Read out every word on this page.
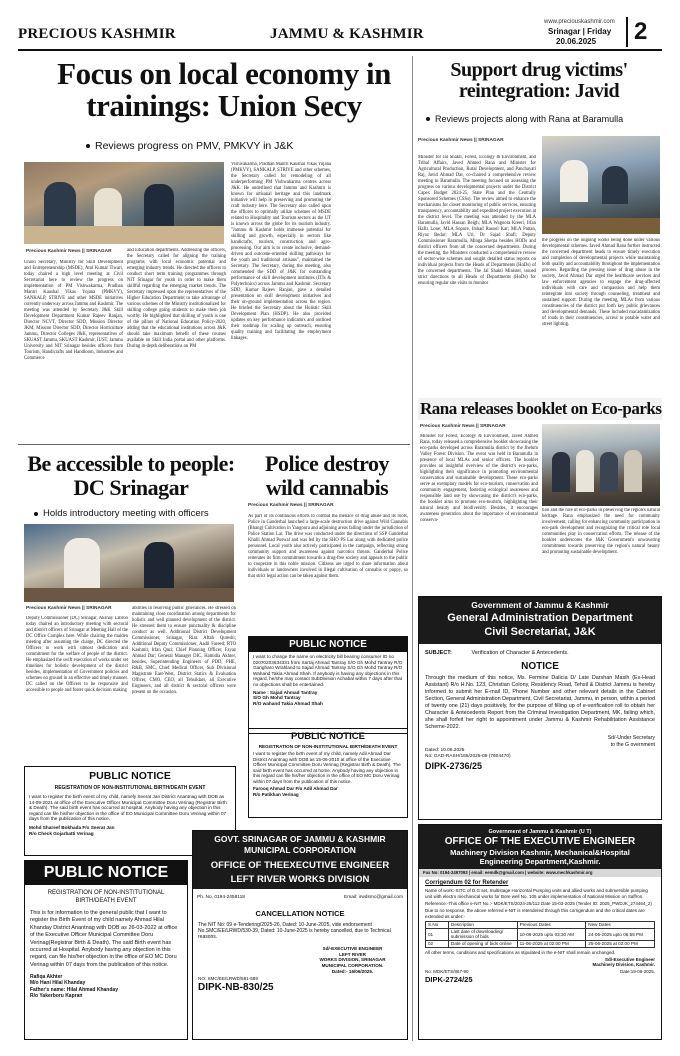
PRECIOUS KASHMIR	JAMMU & KASHMIR
www.preciouskashmir.com
Srinagar | Friday
20.06.2025 2
Focus on local economy in trainings: Union Secy
Reviews progress on PMV, PMKVY in J&K
Precious Kashmir News || SRINAGAR
Union Secretary, Ministry for Skill Development and Entrepreneurship (MSDE), Atul Kumar Tiwari, today chaired a high level meeting at Civil Secretariat here to review the progress on implementation of PM Vishwakarma, Pradhan Mantri Kaushal Vikas Yojana (PMKVY), SANKALP, STRIVE and other MSDE initiatives currently underway across Jammu and Kashmir. The meeting was attended by Secretary J&K Skill Development Department Kumar Rajeev Ranjan, Director NCVT, Director SDD, Mission Director JKM, Mission Director SDD, Director Horticulture Jammu, Director Colleges J&K, representatives of SKUAST Jammu, SKUAST Kashmir, IUST, Jammu University and NIT Srinagar besides officers from Tourism, Handicrafts and Handloom, Industries and Commerce
and Education departments. Addressing the officers, the Secretary called for aligning the training programs with local economic potential and emerging industry trends. He directed the officers to conduct short term training programmes through NIT Srinagar for youth in order to make them skillful regarding the emerging market trends. The Secretary impressed upon the representatives of the Higher Education Department to take advantage of various schemes of the Ministry institutionalized for skilling college going students to make them job worthy. He highlighted that skilling of youth is one of the pillars of National Education Policy-2020, adding that the educational institutions across J&K should take maximum benefit of these courses available on Skill India portal and other platforms. During in-depth deliberations on PM
Vishwakarma, Pradhan Mantri Kaushal Vikas Yojana (PMKVY), SANKALP, STRIVE and other schemes, the Secretary called for remodeling of all underperforming PM Vishwakarma centres across J&K. He underlined that Jammu and Kashmir is known for artisanal heritage and this landmark initiative will help in preserving and promoting the craft industry here. The Secretary also called upon the officers to optimally utilize schemes of MSDE related to Hospitality and Tourism sectors as the UT is known across the globe for its tourism industry. "Jammu & Kashmir holds immense potential for skilling and growth, especially in sectors like handicrafts, tourism, construction and agro-processing. Our aim is to create inclusive, demand-driven and outcome-oriented skilling pathways for the youth and traditional artisans", maintained the Secretary. The Secretary, during the meeting, also commended the SDD of J&K for outstanding performance of skill development institutes (ITIs & Polytechnics) across Jammu and Kashmir. Secretary SDD, Kumar Rajeev Ranjan, gave a detailed presentation on skill development initiatives and their on-ground implementation across the region. He briefed the Secretary about the Holistic Skill Development Plan (HSDP). He also provided updates on key performance indicators and outlined their roadmap for scaling up outreach, ensuring quality training and facilitating the employment linkages.
Support drug victims' reintegration: Javid
Reviews projects along with Rana at Baramulla
Precious Kashmir News || SRINAGAR
Minister for Jal Shakti, Forest, Ecology & Environment, and Tribal Affairs, Javed Ahmed Rana and Minister for Agricultural Production, Rural Development, and Panchayati Raj, Javid Ahmad Dar, co-chaired a comprehensive review meeting in Baramulla. The meeting focused on assessing the progress on various developmental projects under the District Capex Budget 2024-25, State Plan and the Centrally Sponsored Schemes (CSSs). The review aimed to enhance the mechanisms for closer monitoring of public services, ensuring transparency, accountability and expedited project execution at the district level. The meeting was attended by the MLA Baramulla, Javid Hassan Beigh; MLA Wagoora Kreeri, Irfan Hafiz Lone; MLA Sopore, Irshad Rasool Kar; MLA Pattan, Riyaz Bedar; MLA Uri, Dr Sajad Shafi; Deputy Commissioner Baramulla, Minga Sherpa besides HODs and district officers from all the concerned departments. During the meeting, the Ministers conducted a comprehensive review of sector-wise schemes and sought detailed status reports on individual projects from the Heads of Departments (HoDs) of the concerned departments. The Jal Shakti Minister, issued strict directions to all Heads of Departments (HoDs) for ensuring regular site visits to monitor
the progress on the ongoing works being done under various developmental schemes. Javed Ahmad Rana further instructed the concerned department heads to ensure timely execution and completion of developmental projects while maintaining both quality and accountability throughout the implementation process. Regarding the pressing issue of drug abuse in the society, Javid Ahmad Dar urged the healthcare services and law enforcement agencies to engage the drug-affected individuals with care and compassion and help them reintegrate into society through counseling, treatment and sustained support. During the meeting, MLAs from various constituencies of the district put forth key public grievances and developmental demands. These included macadamization of roads in their constituencies, access to potable water and street lighting.
Rana releases booklet on Eco-parks
Precious Kashmir News || SRINAGAR
Minister for Forest, Ecology & Environment, Javed Ahmed Rana, today released a comprehensive booklet showcasing the eco-parks developed across Baramulla district by the Jhelum Valley Forest Division. The event was held in Baramulla in presence of local MLAs and senior officers. The booklet provides an insightful overview of the district's eco-parks, highlighting their significance in promoting environmental conservation and sustainable development. These eco-parks serve as exemplary models for eco-tourism, conservation and community engagement, fostering ecological awareness and responsible land use by showcasing the district's eco-parks, the booklet aims to promote eco-tourism, highlighting their natural beauty and biodiversity. Besides, it encourages awareness generation about the importance of environmental conserva-
tion and the role of eco-parks in preserving the region's natural heritage. Rana emphasized the need for community involvement, calling for enhancing community participation in eco-park development and recognizing the critical role local communities play in conservation efforts. The release of the booklet underscores the J&K Government's unwavering commitment towards preserving the region's natural beauty and promoting sustainable development.
Be accessible to people: DC Srinagar
Holds introductory meeting with officers
Precious Kashmir News || SRINAGAR
Deputy Commissioner (DC) Srinagar, Akshay Labroo today chaired an introductory meeting with sectoral and district officers of Srinagar at Meeting Hall of the DC Office Complex here. While chairing the maiden meeting after assuming the charge, DC directed the Officers to work with utmost dedication and commitment for the welfare of people of the district. He emphasized the swift execution of works under set timelines for holistic development of the district besides, implementation of Government policies and schemes on ground in an effective and timely manner. DC called on the Officers to be responsive and accessible to people and foster quick decision making
abilities in resolving public grievances. He stressed on maintaining close coordination among departments for holistic and well planned development of the district. He stressed them to ensure punctuality & discipline conduct as well. Additional District Development Commissioner, Srinagar, Riaz Aftab Qureshi; Additional Deputy Commissioner, Aadil Fareed; RTO Kashmir, Irfan Qazi; Chief Planning Officer, Fayaz Ahmad Dar; General Manager DIC, Hamidia Akhter, besides, Superintending Engineers of PDD, PHE, R&B, SMC, Chief Medical Officer, Sub Divisional Magistrate East-West, District Statics & Evaluation Officer, CMO, CEO, all Tehsildars, all Executive Engineers, and all district & sectoral officers were present on the occasion.
Police destroy wild cannabis
Precious Kashmir News || SRINAGAR
As part of its continuous efforts to combat the menace of drug abuse and its roots, Police in Ganderbal launched a large-scale destruction drive against Wild Cannabis (Bhang) Cultivation in Yangoora and adjoining areas falling under the jurisdiction of Police Station Lar. The drive was conducted under the directions of SSP Ganderbal Khalil Ahmad Poswal and was led by the SHO PS Lar along with dedicated police personnel. Local youth also actively participated in the campaign, reflecting strong community support and awareness against narcotics threats. Ganderbal Police reiterates its firm commitment towards a drug-free society and appeals to the public to cooperate in this noble mission. Citizens are urged to share information about individuals or landowners involved in illegal cultivation of cannabis or poppy, so that strict legal action can be taken against them.
PUBLIC NOTICE
I want to change the name on electricity bill bearing consumer ID no 02070203634331 from Sartaj Ahmad Tantray S/O Gh Mohd Tantray R/O Gangharo Wrahland to Sajad Ahmad Tantray S/O Gh Mohd Tantray R/O Wahand Takia Ahmad Shah. If anybody is having any objections in this regard, he/she may contact SubDivision Achabal within 7 days after that no objections shall be entertained.
Name : Sajad Ahmad Tantray
S/O Gh Mohd Tantray
R/O wahand Takia Ahmad Shah
PUBLIC NOTICE
REGISTRATION OF NON-INSTITUTIONAL BIRTH/DEATH EVENT
I want to register the birth event of my child, namely Adil Ahmad Dar District Anantnag with DOB as 15-06-2010 at office of the Executive Officer Municipal Committee Doru Verinag (Registrar Birth & Death). The said birth event has occurred at home. Anybody having any objection in this regard can file his/her objection in the office of EO MC Doru Verinag within 07 days from the publication of this notice.
Farooq Ahmad Dar F/o Adil Ahmad Dar
R/o Patikhan Verinag
PUBLIC NOTICE
REGISTRATION OF NON-INSTITUTIONAL BIRTH/DEATH EVENT
I want to register the birth event of my child, namely Seerat Jan District Anantnag with DOB as 14-09-2021 at office of the Executive Officer Municipal Committee Doru Verinag (Registrar Birth & Death). The said birth event has occurred at hospital. Anybody having any objection in this regard can file his/her objection in the office of EO Municipal Committee Doru Verinag within 07 days from the publication of this notice.
Mohd Shareef Bokhada F/o Seerat Jan
R/o Check Gojarbatti Verinag
PUBLIC NOTICE
REGISTRATION OF NON-INSTITUTIONAL BIRTH/DEATH EVENT
This is for information to the general public that I want to register the Birth Event of my child namely Ahmad Hilal Khanday District Anantnag with DOB as 26-03-2022 at office of the Executive Officer Municipal Committee Doru Verinag(Registrar Birth & Death). The said Birth event has occurred at Hospital. Anybody having any objection in this regard, can file his/her objection in the office of EO MC Doru Verinag within 07 days from the publication of this notice.
Rafiqa Akhter
M/o Hani Hilal Khanday
Father's name: Hilal Ahmad Khanday
R/o Yakerboru Kapran
GOVT. SRINAGAR OF JAMMU & KASHMIR
MUNICIPAL CORPORATION
OFFICE OF THEEXECUTIVE ENGINEER
LEFT RIVER WORKS DIVISION
Ph. No. 0194-2458118	Email: irwdsmc@gmail.com
CANCELLATION NOTICE
The NIT No: 09 e-Tendering/2025-26, Dated: 10-June-2025, vide endorsement No.SMC/EE/LRWD/530-39, Dated: 10-June-2025 is hereby cancelled, due to Technical reasons.
Sd/-EXECUTIVE ENGINEER
LEFT RIVER
WORKS DIVISION, SRINAGAR
MUNICIPAL CORPORATION.
Dated:- 16/06/2025.
NO: SMC/EE/LRWD/581-589
DIPK-NB-830/25
Government of Jammu & Kashmir
General Administration Department
Civil Secretariat, J&K
SUBJECT:	Verification of Character & Antecedents.
NOTICE
Through the medium of this notice, Ms. Fermine Dalicia D/ Late Darshan Masih (Ex-Head Assistant) R/o H.No. 123, Christian Colony, Residency Road, Tehsil & District Jammu is hereby informed to submit her E-mail ID, Phone Number and other relevant details in the Cabinet Section, General Administration Department, Civil Secretariat, Jammu, in person, within a period of twenty one (21) days positively, for the purpose of filling up of e-verification roll to obtain her Character & Antecedents Report from the Criminal Investigation Department, MK, failing which, she shall forfeit her right to appointment under Jammu & Kashmir Rehabilitation Assistance Scheme-2022.
Sd/-Under Secretary
to the G overnment
Dated: 10.06.2025
No: GAD-RASH/165/2025-09 (7604470)
DIPK-2736/25
Government of Jammu & Kashmir (U T)
OFFICE OF THE EXECUTIVE ENGINEER
Machinery Division Kashmir, Mechanical&Hospital
Engineering Department,Kashmir.
Fax No: 0194-2497093 | email: eemdk@gmail.com | website: www.mechkashmir.org
Corrigendum 02 for Retender
Name of work:-SITC of D.G set, multistage Horizontal Pumping units and allied works and submersible pumping unit with electro mechanical works for Bore well No. 105 under implementation of National Mission on Saffron.
Reference:-This office e-NIT No.:- MDK/ETS/2024-25/112 Date 15-03-2025 (Tender ID: 2025_PWDJK_274464_2)
Due to no response, the above referred e-NIT is retendered through this corrigendum and the critical dates are extended as under:-
S.No	Description	Previous Dates	New Dates
01	Last date of downloading/ submission of bids	10-06-2025 upto 03:30 AM	24-06-2025 upto 06:55 PM
02	Date of opening of bids online	11-06-2025 at 02:00 PM	25-06-2025 at 02:00 PM
All other terms, conditions and specifications as stipulated in the e-NIT shall remain unchanged.
Sd/-Executive Engineer
Machinery Division, Kashmir.
No: MDK/ETS/867-90	Date:19-06-2025.
DIPK-2724/25
